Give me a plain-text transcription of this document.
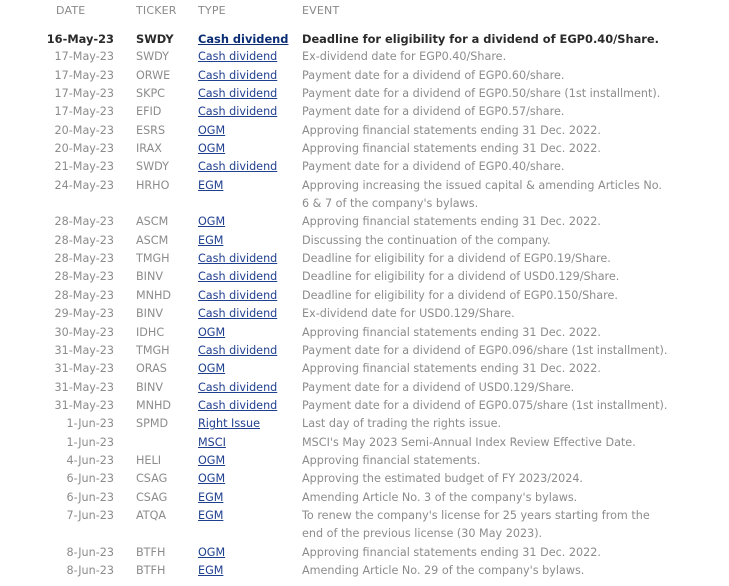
DATE	TICKER	TYPE	EVENT
16-May-23	SWDY	Cash dividend	Deadline for eligibility for a dividend of EGP0.40/Share.
17-May-23	SWDY	Cash dividend	Ex-dividend date for EGP0.40/Share.
17-May-23	ORWE	Cash dividend	Payment date for a dividend of EGP0.60/share.
17-May-23	SKPC	Cash dividend	Payment date for a dividend of EGP0.50/share (1st installment).
17-May-23	EFID	Cash dividend	Payment date for a dividend of EGP0.57/share.
20-May-23	ESRS	OGM	Approving financial statements ending 31 Dec. 2022.
20-May-23	IRAX	OGM	Approving financial statements ending 31 Dec. 2022.
21-May-23	SWDY	Cash dividend	Payment date for a dividend of EGP0.40/share.
24-May-23	HRHO	EGM	Approving increasing the issued capital & amending Articles No. 6 & 7 of the company's bylaws.
28-May-23	ASCM	OGM	Approving financial statements ending 31 Dec. 2022.
28-May-23	ASCM	EGM	Discussing the continuation of the company.
28-May-23	TMGH	Cash dividend	Deadline for eligibility for a dividend of EGP0.19/Share.
28-May-23	BINV	Cash dividend	Deadline for eligibility for a dividend of USD0.129/Share.
28-May-23	MNHD	Cash dividend	Deadline for eligibility for a dividend of EGP0.150/Share.
29-May-23	BINV	Cash dividend	Ex-dividend date for USD0.129/Share.
30-May-23	IDHC	OGM	Approving financial statements ending 31 Dec. 2022.
31-May-23	TMGH	Cash dividend	Payment date for a dividend of EGP0.096/share (1st installment).
31-May-23	ORAS	OGM	Approving financial statements ending 31 Dec. 2022.
31-May-23	BINV	Cash dividend	Payment date for a dividend of USD0.129/Share.
31-May-23	MNHD	Cash dividend	Payment date for a dividend of EGP0.075/share (1st installment).
1-Jun-23	SPMD	Right Issue	Last day of trading the rights issue.
1-Jun-23		MSCI	MSCI's May 2023 Semi-Annual Index Review Effective Date.
4-Jun-23	HELI	OGM	Approving financial statements.
6-Jun-23	CSAG	OGM	Approving the estimated budget of FY 2023/2024.
6-Jun-23	CSAG	EGM	Amending Article No. 3 of the company's bylaws.
7-Jun-23	ATQA	EGM	To renew the company's license for 25 years starting from the end of the previous license (30 May 2023).
8-Jun-23	BTFH	OGM	Approving financial statements ending 31 Dec. 2022.
8-Jun-23	BTFH	EGM	Amending Article No. 29 of the company's bylaws.
